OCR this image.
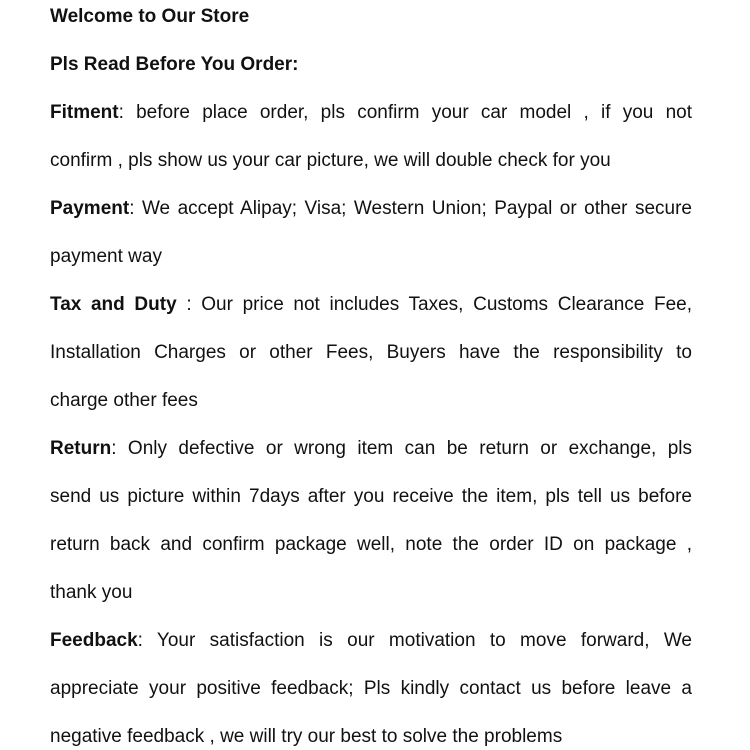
Welcome to Our Store
Pls Read Before You Order:
Fitment: before place order, pls confirm your car model , if you not
confirm , pls show us your car picture, we will double check for you
Payment: We accept Alipay; Visa; Western Union; Paypal or other secure
payment way
Tax and Duty : Our price not includes Taxes, Customs Clearance Fee,
Installation Charges or other Fees, Buyers have the responsibility to
charge other fees
Return: Only defective or wrong item can be return or exchange, pls
send us picture within 7days after you receive the item, pls tell us before
return back and confirm package well, note the order ID on package ,
thank you
Feedback: Your satisfaction is our motivation to move forward, We
appreciate your positive feedback; Pls kindly contact us before leave a
negative feedback , we will try our best to solve the problems
